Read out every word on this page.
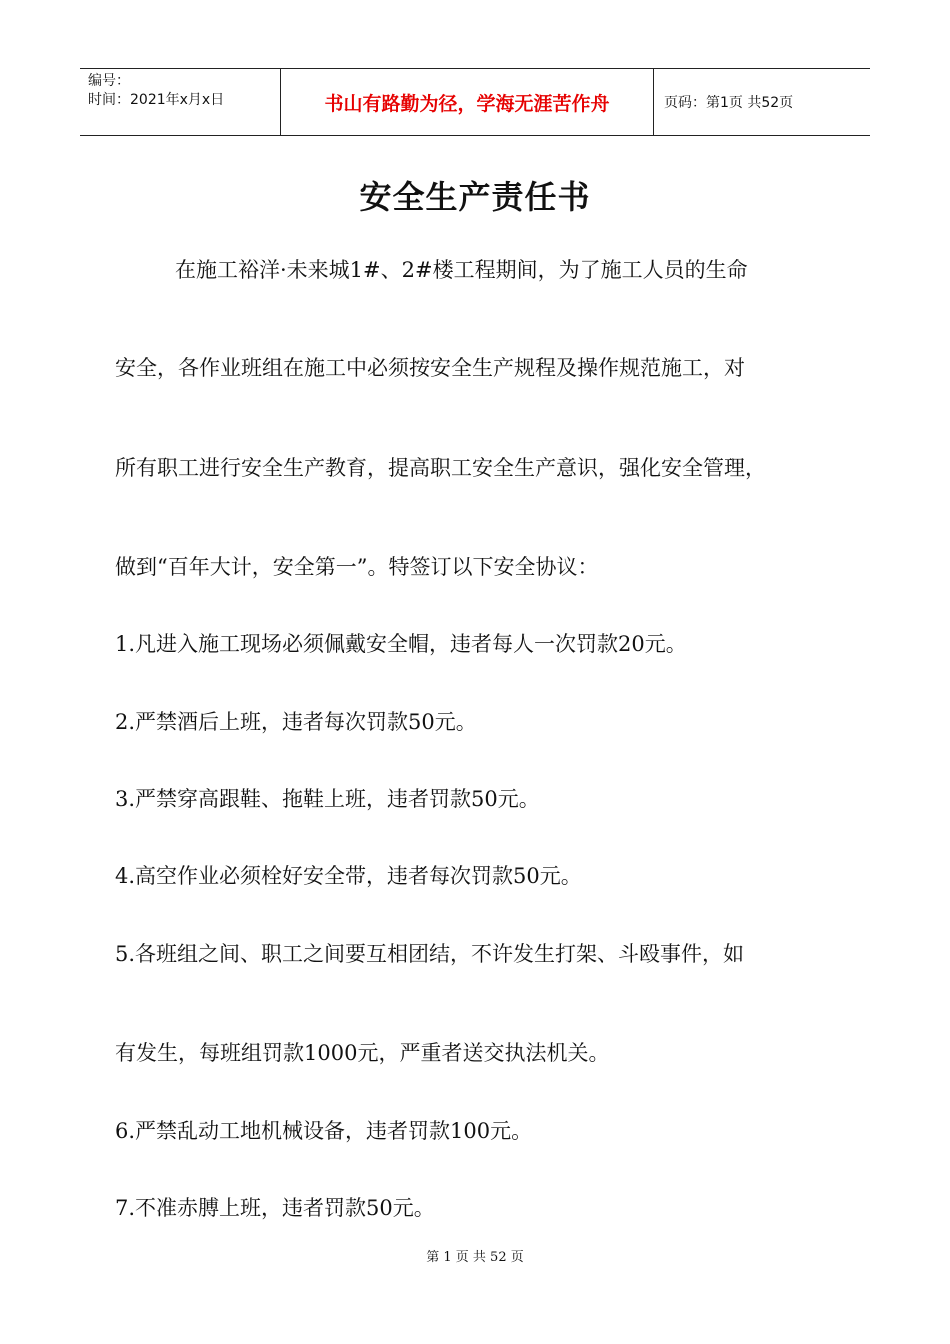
编号：
时间：2021年x月x日	书山有路勤为径，学海无涯苦作舟	页码：第1页 共52页
安全生产责任书
在施工裕洋·未来城1#、2#楼工程期间，为了施工人员的生命
安全，各作业班组在施工中必须按安全生产规程及操作规范施工，对
所有职工进行安全生产教育，提高职工安全生产意识，强化安全管理，
做到“百年大计，安全第一”。特签订以下安全协议：
1.凡进入施工现场必须佩戴安全帽，违者每人一次罚款20元。
2.严禁酒后上班，违者每次罚款50元。
3.严禁穿高跟鞋、拖鞋上班，违者罚款50元。
4.高空作业必须栓好安全带，违者每次罚款50元。
5.各班组之间、职工之间要互相团结，不许发生打架、斗殴事件，如
有发生，每班组罚款1000元，严重者送交执法机关。
6.严禁乱动工地机械设备，违者罚款100元。
7.不准赤膊上班，违者罚款50元。
第 1 页 共 52 页
